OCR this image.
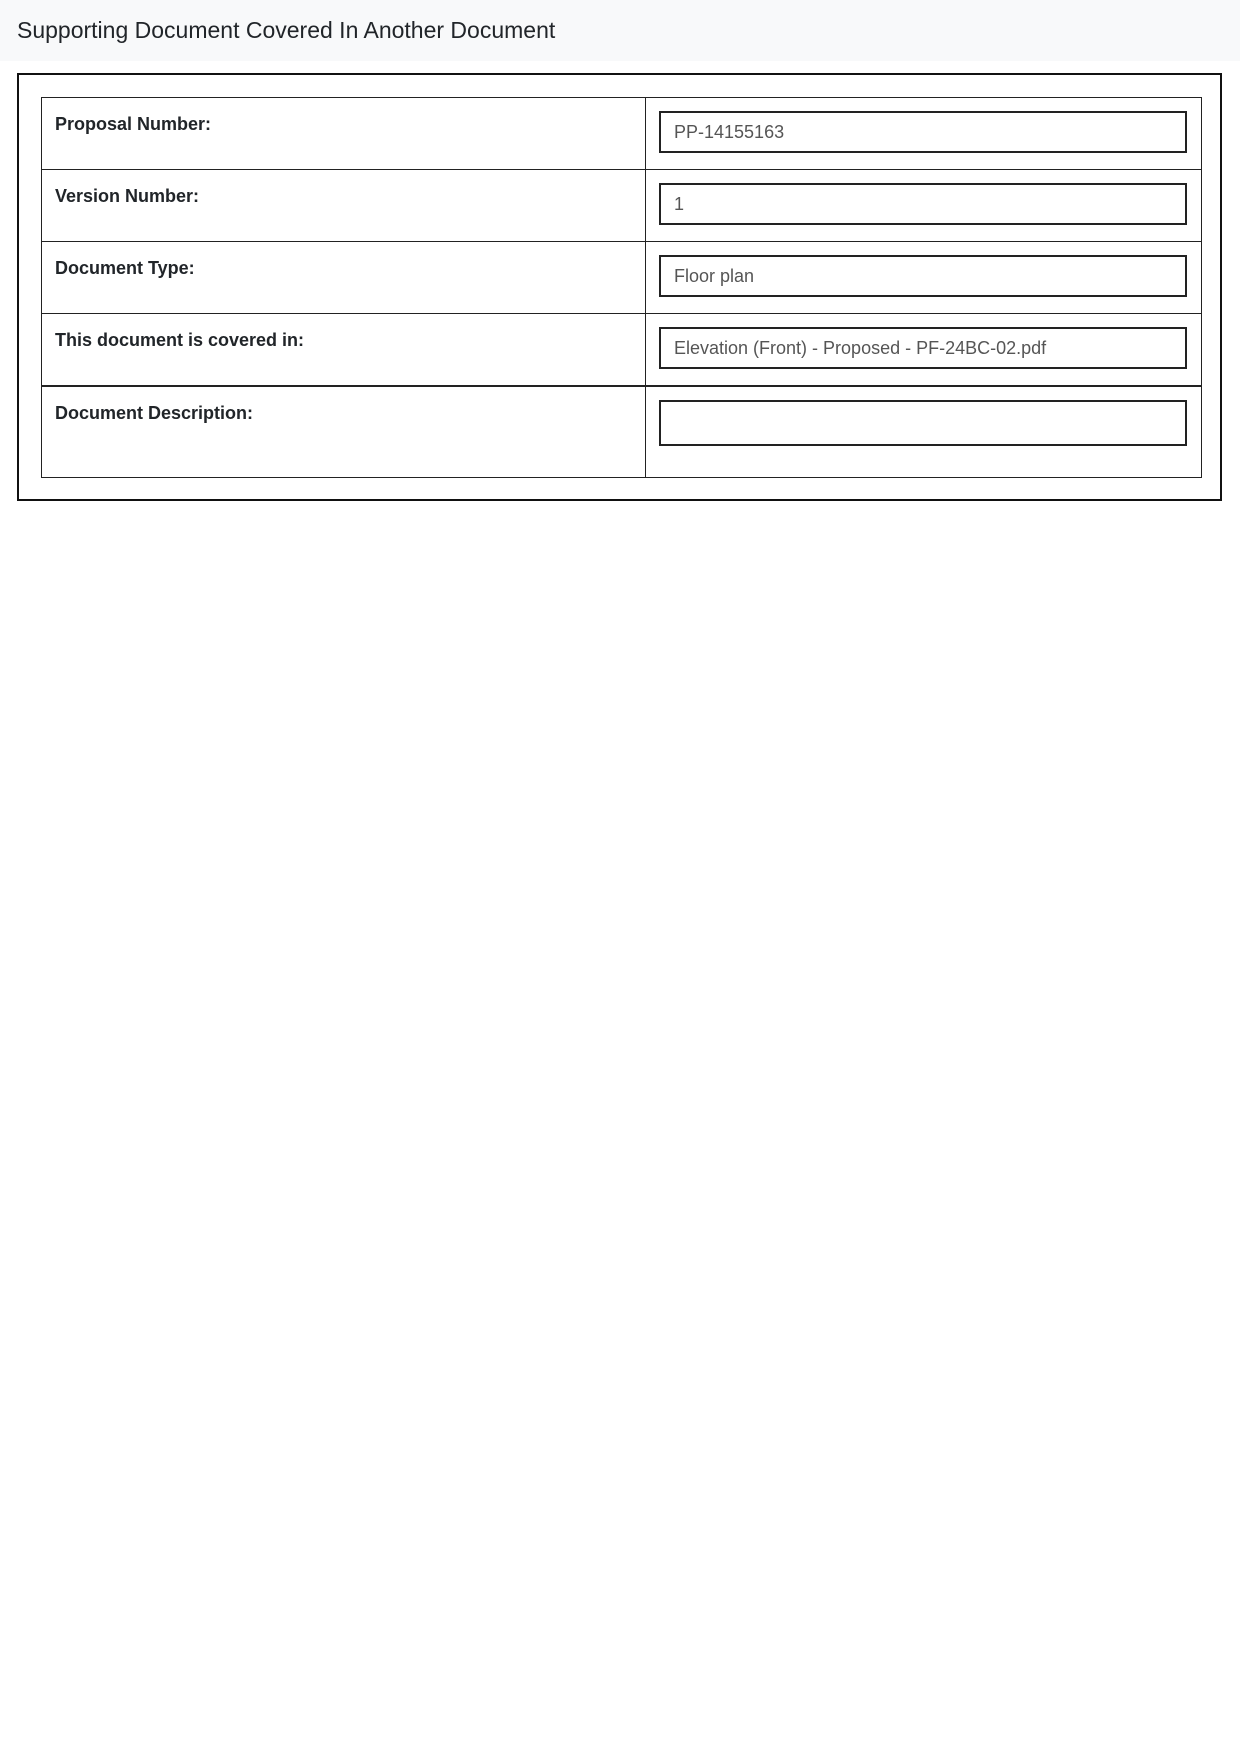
Supporting Document Covered In Another Document
Proposal Number:	PP-14155163

Version Number:	1

Document Type:	Floor plan

This document is covered in:	Elevation (Front) - Proposed - PF-24BC-02.pdf

Document Description:	
